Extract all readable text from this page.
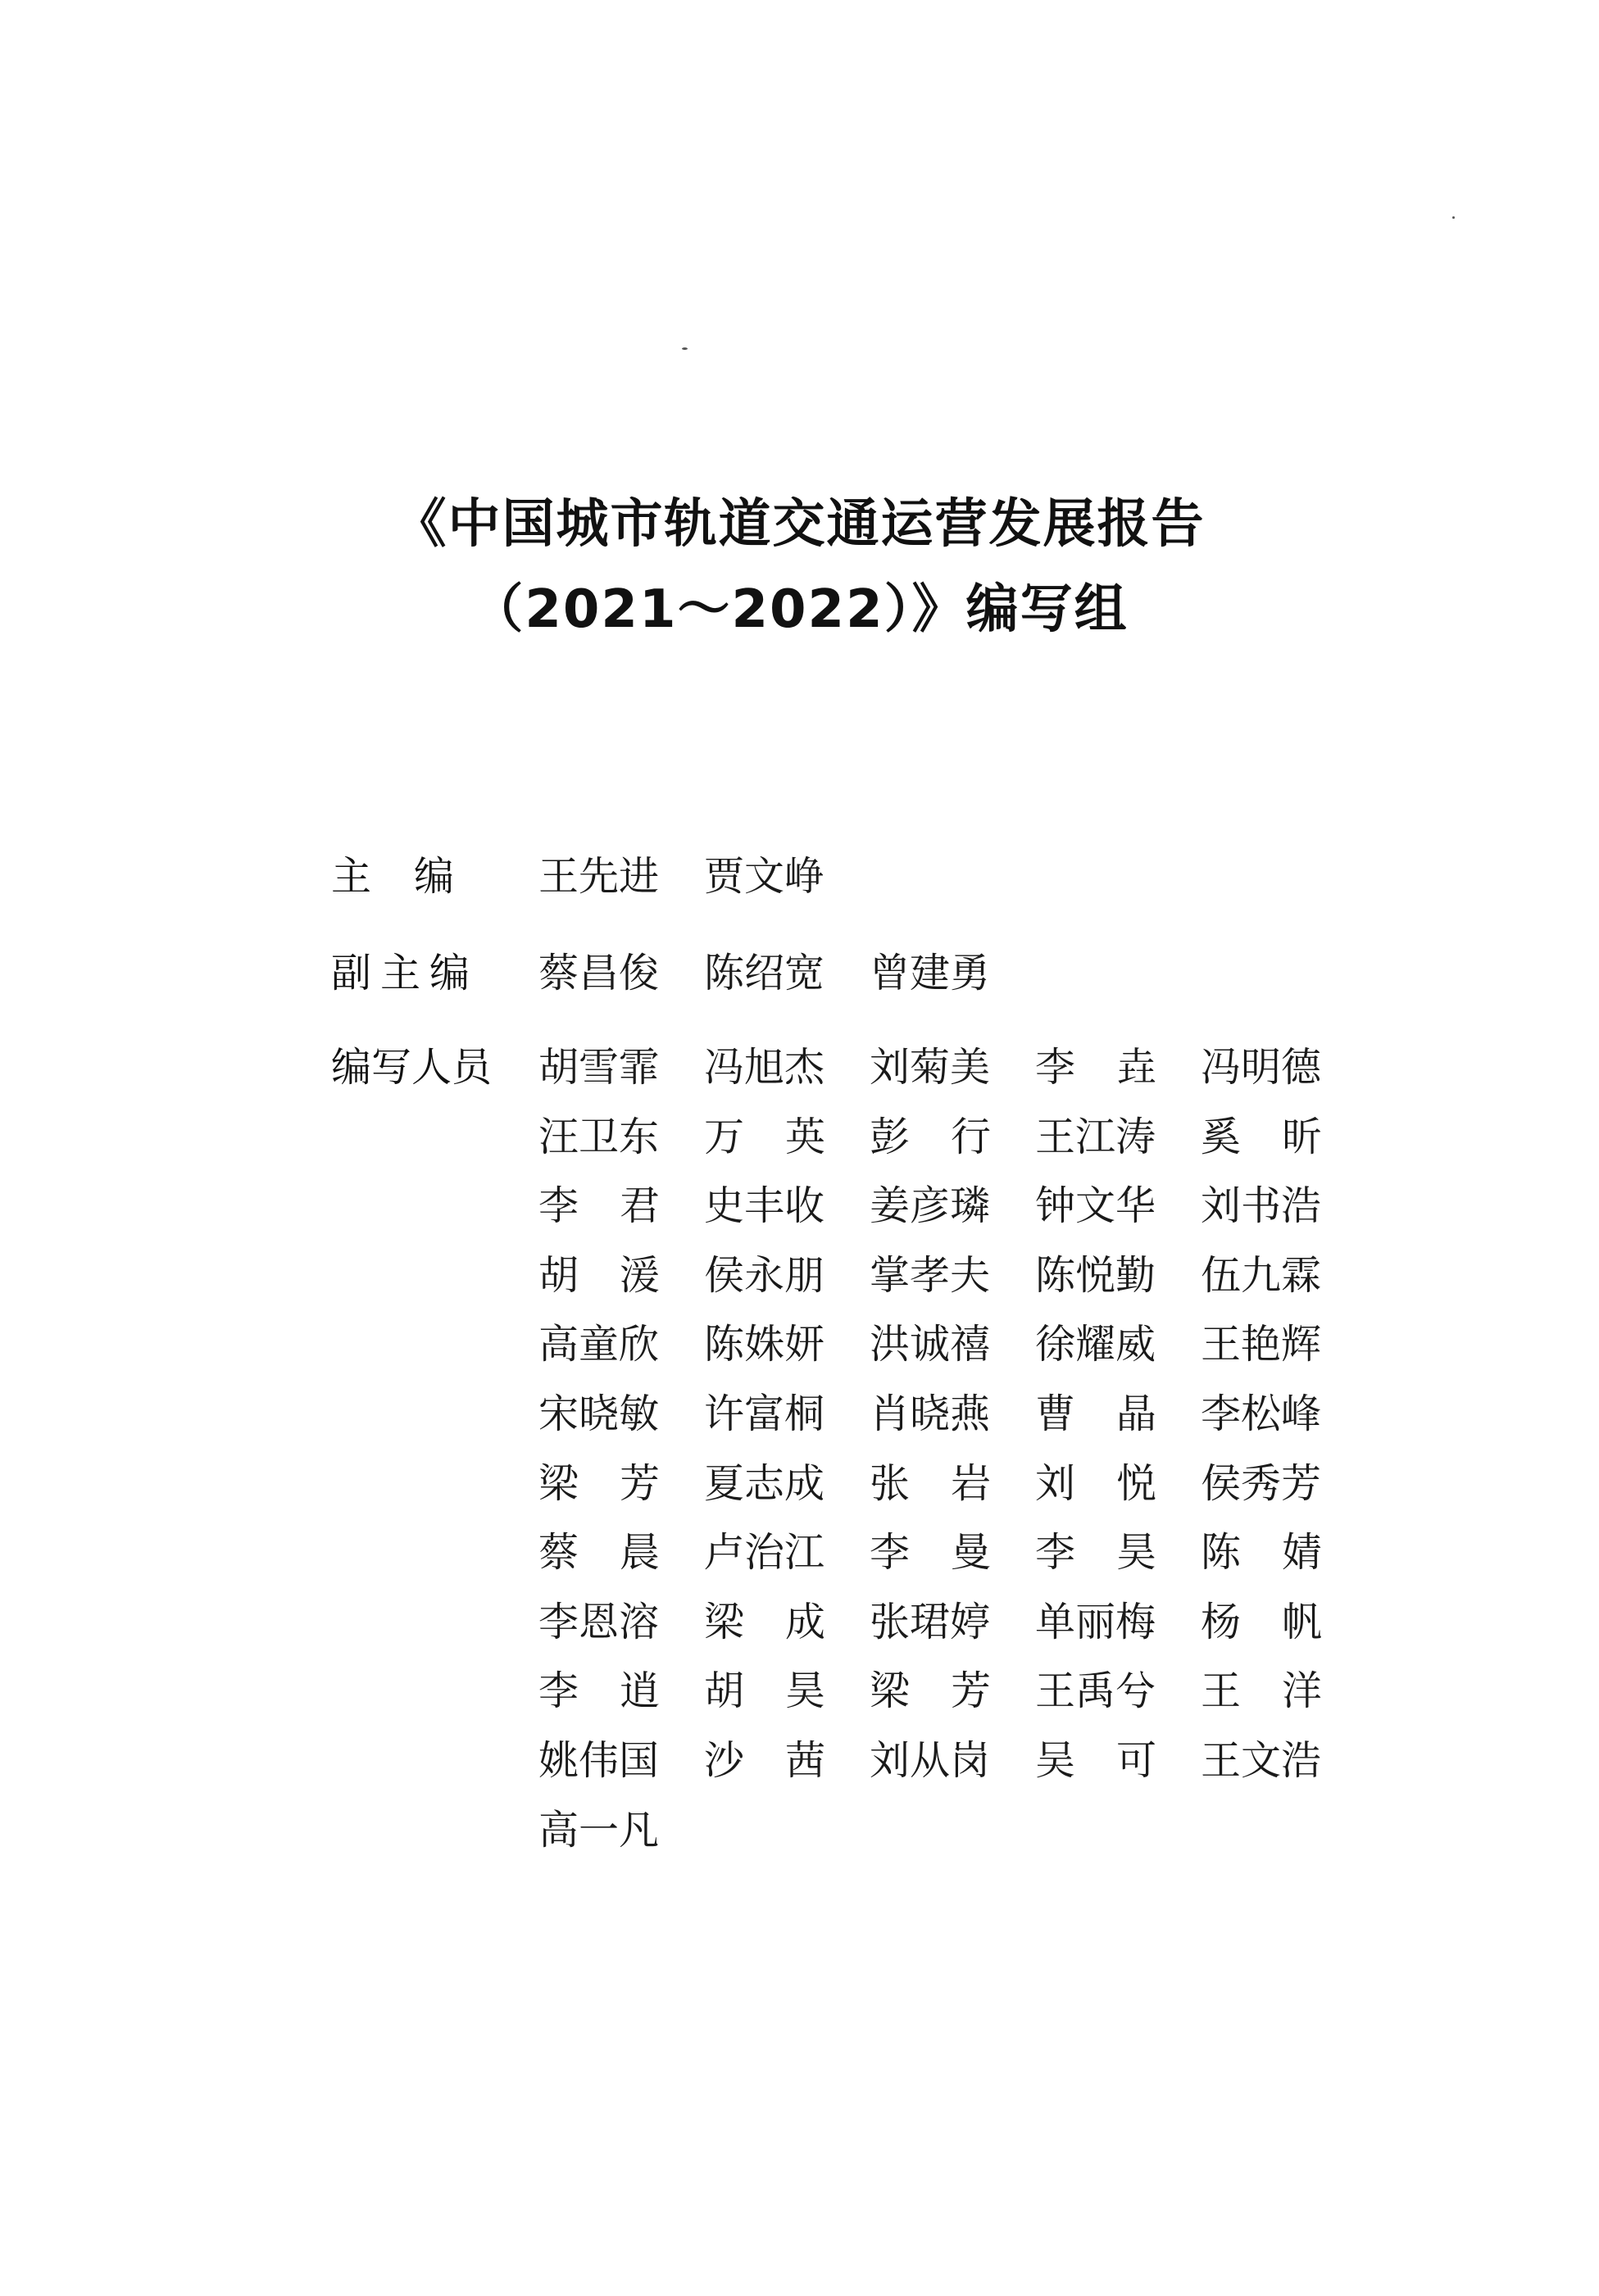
《中国城市轨道交通运营发展报告
（2021～2022）》编写组
主编 王先进 贾文峥
副主编 蔡昌俊 陈绍宽 曾建勇
编写人员 胡雪霏 冯旭杰 刘菊美 李垚 冯明德
汪卫东 万英 彭行 王江涛 奚昕
李君 史丰收 姜彦璘 钟文华 刘书浩
胡湲 侯永朋 掌孝夫 陈悦勤 伍九霖
高童欣 陈姝妍 洪诚禧 徐耀威 王艳辉
宋晓敏 许富桐 肖晓燕 曹晶 李松峰
梁芳 夏志成 张岩 刘悦 侯秀芳
蔡晨 卢治江 李曼 李昊 陈婧
李恩溶 梁成 张珺婷 单丽梅 杨帆
李逍 胡昊 梁芳 王禹兮 王洋
姚伟国 沙茜 刘从岗 吴可 王文浩
高一凡
